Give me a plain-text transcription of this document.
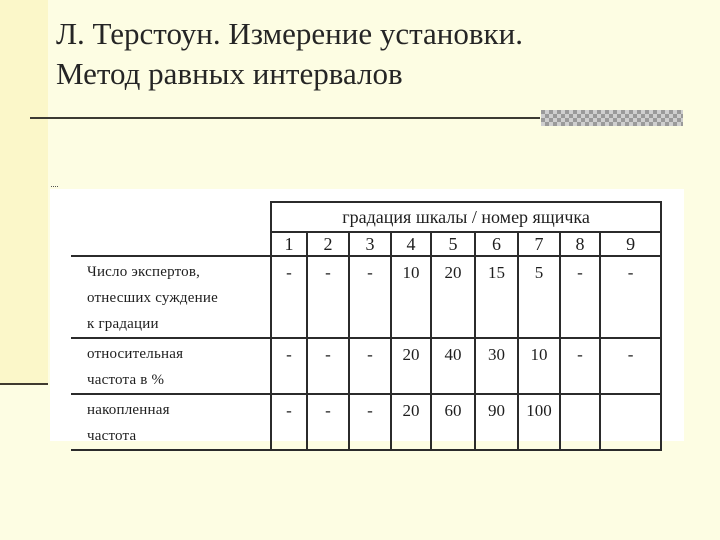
Л. Терстоун. Измерение установки.
Метод равных интервалов
	градация шкалы / номер ящичка								
	1	2	3	4	5	6	7	8	9

Число экспертов,
отнесших суждение
к градации	-	-	-	10	20	15	5	-	-

относительная
частота в %	-	-	-	20	40	30	10	-	-

накопленная
частота	-	-	-	20	60	90	100		
